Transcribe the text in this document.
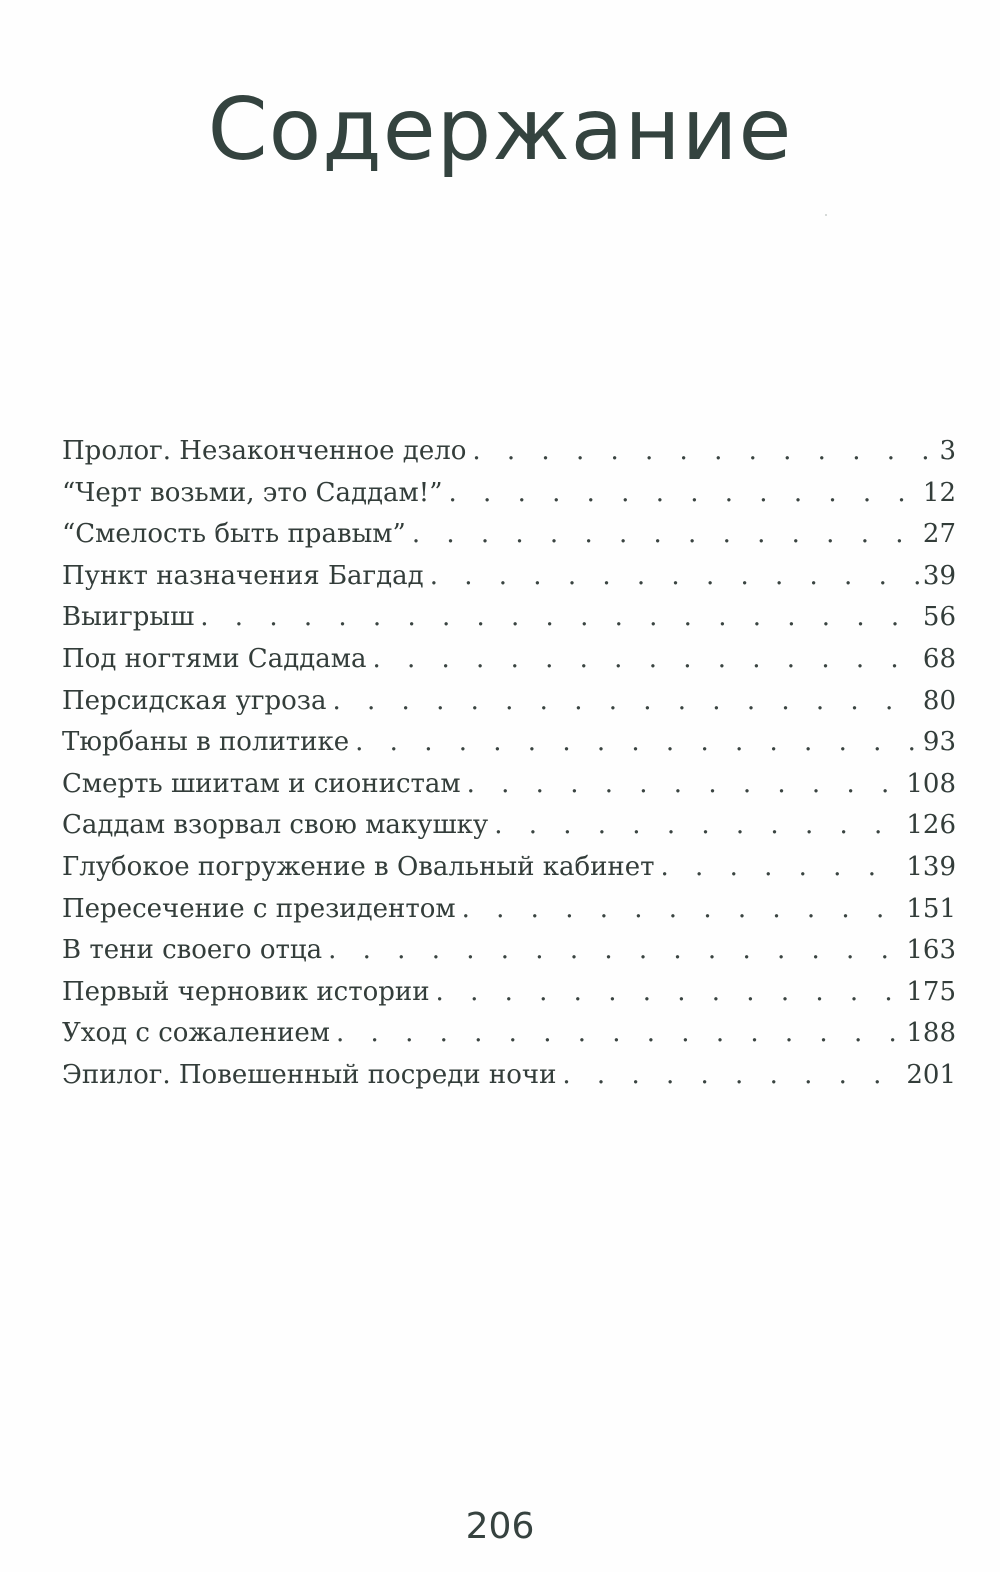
Содержание
Пролог. Незаконченное дело . . .	3
“Черт возьми, это Саддам!” . . .	12
“Смелость быть правым” . . .	27
Пункт назначения Багдад . . .	39
Выигрыш . . .	56
Под ногтями Саддама . . .	68
Персидская угроза . . .	80
Тюрбаны в политике . . .	93
Смерть шиитам и сионистам . . .	108
Саддам взорвал свою макушку . . .	126
Глубокое погружение в Овальный кабинет . . .	139
Пересечение с президентом . . .	151
В тени своего отца . . .	163
Первый черновик истории . . .	175
Уход с сожалением . . .	188
Эпилог. Повешенный посреди ночи . . .	201
206
